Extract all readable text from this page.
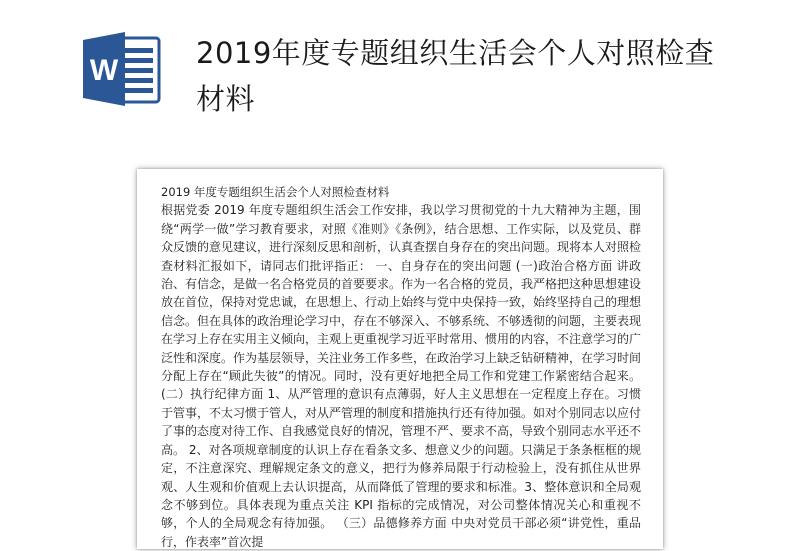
W
2019年度专题组织生活会个人对照检查材料
2019 年度专题组织生活会个人对照检查材料
根据党委 2019 年度专题组织生活会工作安排，我以学习贯彻党的十九大精神为主题，围绕“两学一做”学习教育要求，对照《准则》《条例》，结合思想、工作实际，以及党员、群众反馈的意见建议，进行深刻反思和剖析，认真查摆自身存在的突出问题。现将本人对照检查材料汇报如下，请同志们批评指正： 一、自身存在的突出问题 (一)政治合格方面 讲政治、有信念，是做一名合格党员的首要要求。作为一名合格的党员，我严格把这种思想建设放在首位，保持对党忠诚，在思想上、行动上始终与党中央保持一致，始终坚持自己的理想信念。但在具体的政治理论学习中，存在不够深入、不够系统、不够透彻的问题，主要表现在学习上存在实用主义倾向，主观上更重视学习近平时常用、惯用的内容，不注意学习的广泛性和深度。作为基层领导，关注业务工作多些，在政治学习上缺乏钻研精神，在学习时间分配上存在“顾此失彼”的情况。同时，没有更好地把全局工作和党建工作紧密结合起来。 (二）执行纪律方面 1、从严管理的意识有点薄弱，好人主义思想在一定程度上存在。习惯于管事，不太习惯于管人，对从严管理的制度和措施执行还有待加强。如对个别同志以应付了事的态度对待工作、自我感觉良好的情况，管理不严、要求不高，导致个别同志水平还不高。 2、对各项规章制度的认识上存在看条文多、想意义少的问题。只满足于条条框框的规定，不注意深究、理解规定条文的意义，把行为修养局限于行动检验上，没有抓住从世界观、人生观和价值观上去认识提高，从而降低了管理的要求和标准。3、整体意识和全局观念不够到位。具体表现为重点关注 KPI 指标的完成情况，对公司整体情况关心和重视不够，个人的全局观念有待加强。 （三）品德修养方面 中央对党员干部必须“讲党性，重品行，作表率”首次提
